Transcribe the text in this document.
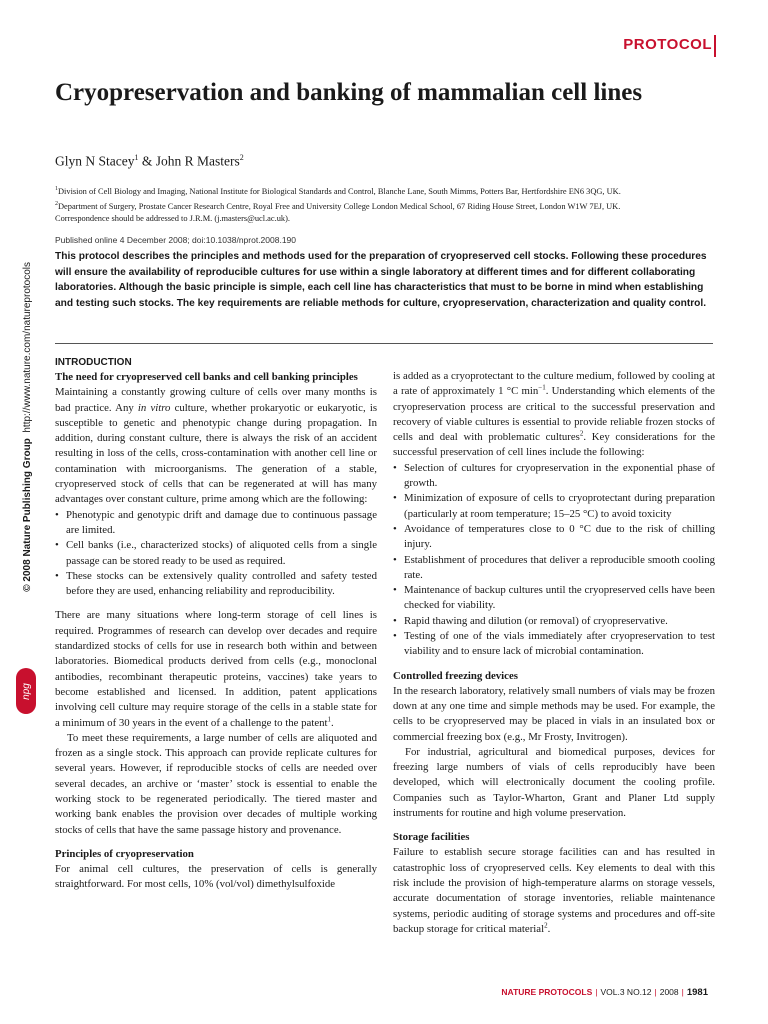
PROTOCOL
Cryopreservation and banking of mammalian cell lines
Glyn N Stacey$^1$ & John R Masters$^2$
$^1$Division of Cell Biology and Imaging, National Institute for Biological Standards and Control, Blanche Lane, South Mimms, Potters Bar, Hertfordshire EN6 3QG, UK.
$^2$Department of Surgery, Prostate Cancer Research Centre, Royal Free and University College London Medical School, 67 Riding House Street, London W1W 7EJ, UK.
Correspondence should be addressed to J.R.M. (j.masters@ucl.ac.uk).
Published online 4 December 2008; doi:10.1038/nprot.2008.190

This protocol describes the principles and methods used for the preparation of cryopreserved cell stocks. Following these procedures will ensure the availability of reproducible cultures for use within a single laboratory at different times and for different collaborating laboratories. Although the basic principle is simple, each cell line has characteristics that must to be borne in mind when establishing and testing such stocks. The key requirements are reliable methods for culture, cryopreservation, characterization and quality control.

INTRODUCTION

The need for cryopreserved cell banks and cell banking principles

Maintaining a constantly growing culture of cells over many months is bad practice. Any in vitro culture, whether prokaryotic or eukaryotic, is susceptible to genetic and phenotypic change during propagation. In addition, during constant culture, there is always the risk of an accident resulting in loss of the cells, cross-contamination with another cell line or contamination with microorganisms. The generation of a stable, cryopreserved stock of cells that can be regenerated at will has many advantages over constant culture, prime among which are the following:

• Phenotypic and genotypic drift and damage due to continuous passage are limited.
• Cell banks (i.e., characterized stocks) of aliquoted cells from a single passage can be stored ready to be used as required.
• These stocks can be extensively quality controlled and safety tested before they are used, enhancing reliability and reproducibility.

There are many situations where long-term storage of cell lines is required. Programmes of research can develop over decades and require standardized stocks of cells for use in research both within and between laboratories. Biomedical products derived from cells (e.g., monoclonal antibodies, recombinant therapeutic proteins, vaccines) take years to become established and licensed. In addition, patent applications involving cell culture may require storage of the cells in a stable state for a minimum of 30 years in the event of a challenge to the patent$^1$.

To meet these requirements, a large number of cells are aliquoted and frozen as a single stock. This approach can provide replicate cultures for several years. However, if reproducible stocks of cells are needed over several decades, an archive or ‘master’ stock is essential to enable the working stock to be regenerated periodically. The tiered master and working bank enables the provision over decades of multiple working stocks of cells that have the same passage history and provenance.

Principles of cryopreservation

For animal cell cultures, the preservation of cells is generally straightforward. For most cells, 10% (vol/vol) dimethylsulfoxide

is added as a cryoprotectant to the culture medium, followed by cooling at a rate of approximately 1 °C min$^{-1}$. Understanding which elements of the cryopreservation process are critical to the successful preservation and recovery of viable cultures is essential to provide reliable frozen stocks of cells and deal with problematic cultures$^2$. Key considerations for the successful preservation of cell lines include the following:

• Selection of cultures for cryopreservation in the exponential phase of growth.
• Minimization of exposure of cells to cryoprotectant during preparation (particularly at room temperature; 15–25 °C) to avoid toxicity
• Avoidance of temperatures close to 0 °C due to the risk of chilling injury.
• Establishment of procedures that deliver a reproducible smooth cooling rate.
• Maintenance of backup cultures until the cryopreserved cells have been checked for viability.
• Rapid thawing and dilution (or removal) of cryopreservative.
• Testing of one of the vials immediately after cryopreservation to test viability and to ensure lack of microbial contamination.

Controlled freezing devices

In the research laboratory, relatively small numbers of vials may be frozen down at any one time and simple methods may be used. For example, the cells to be cryopreserved may be placed in vials in an insulated box or commercial freezing box (e.g., Mr Frosty, Invitrogen).

For industrial, agricultural and biomedical purposes, devices for freezing large numbers of vials of cells reproducibly have been developed, which will electronically document the cooling profile. Companies such as Taylor-Wharton, Grant and Planer Ltd supply instruments for routine and high volume preservation.

Storage facilities

Failure to establish secure storage facilities can and has resulted in catastrophic loss of cryopreserved cells. Key elements to deal with this risk include the provision of high-temperature alarms on storage vessels, accurate documentation of storage inventories, reliable maintenance systems, periodic auditing of storage systems and procedures and off-site backup storage for critical material$^2$.

© 2008 Nature Publishing Group  http://www.nature.com/natureprotocols
npg
NATURE PROTOCOLS | VOL.3 NO.12 | 2008 | 1981
